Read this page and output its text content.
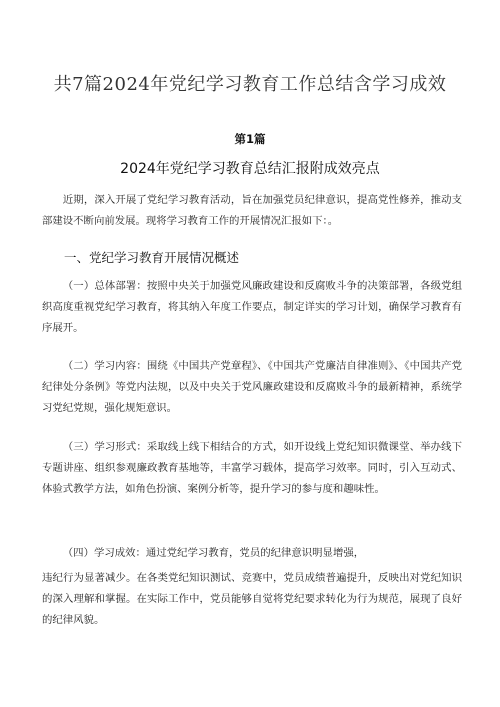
共7篇2024年党纪学习教育工作总结含学习成效
第1篇
2024年党纪学习教育总结汇报附成效亮点

近期，深入开展了党纪学习教育活动，旨在加强党员纪律意识，提高党性修养，推动支部建设不断向前发展。现将学习教育工作的开展情况汇报如下：。

一、党纪学习教育开展情况概述

（一）总体部署：按照中央关于加强党风廉政建设和反腐败斗争的决策部署，各级党组织高度重视党纪学习教育，将其纳入年度工作要点，制定详实的学习计划，确保学习教育有序展开。

（二）学习内容：围绕《中国共产党章程》、《中国共产党廉洁自律准则》、《中国共产党纪律处分条例》等党内法规，以及中央关于党风廉政建设和反腐败斗争的最新精神，系统学习党纪党规，强化规矩意识。

（三）学习形式：采取线上线下相结合的方式，如开设线上党纪知识微课堂、举办线下专题讲座、组织参观廉政教育基地等，丰富学习载体，提高学习效率。同时，引入互动式、体验式教学方法，如角色扮演、案例分析等，提升学习的参与度和趣味性。

（四）学习成效：通过党纪学习教育，党员的纪律意识明显增强，

违纪行为显著减少。在各类党纪知识测试、竞赛中，党员成绩普遍提升，反映出对党纪知识的深入理解和掌握。在实际工作中，党员能够自觉将党纪要求转化为行为规范，展现了良好的纪律风貌。
